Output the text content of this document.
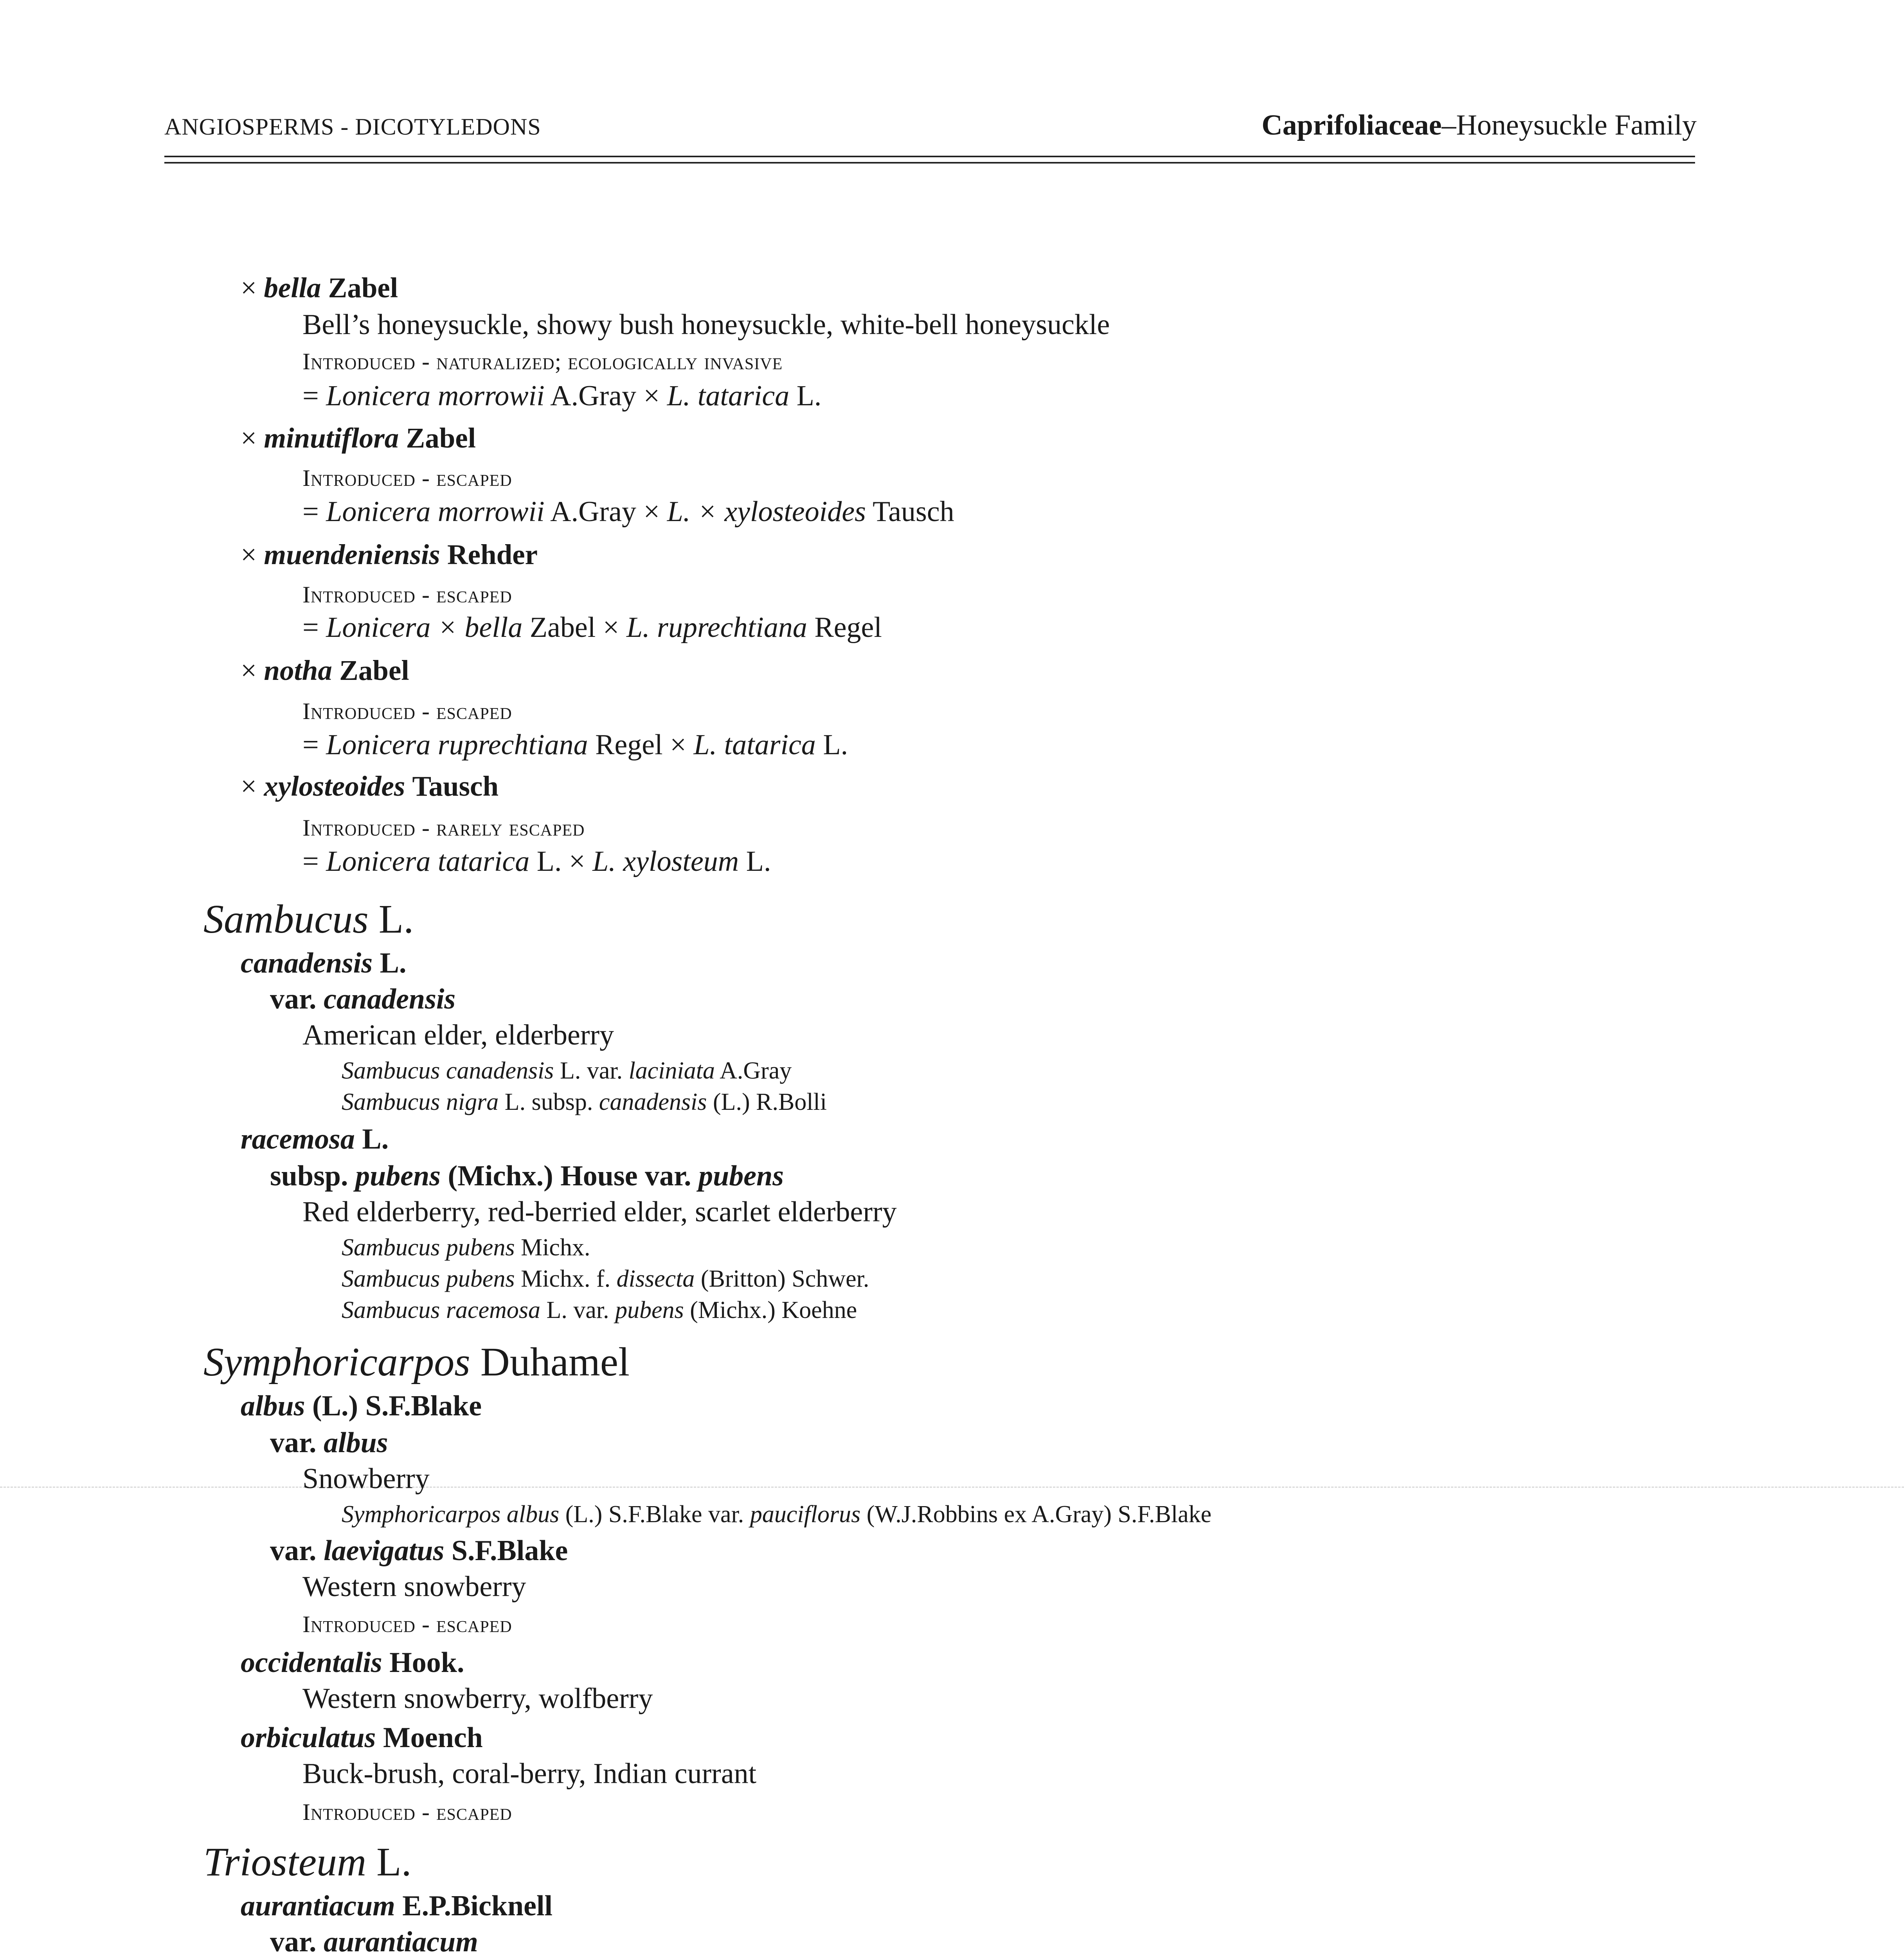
ANGIOSPERMS - DICOTYLEDONS	Caprifoliaceae–Honeysuckle Family
× bella Zabel
Bell’s honeysuckle, showy bush honeysuckle, white-bell honeysuckle
Introduced - naturalized; ecologically invasive
= Lonicera morrowii A.Gray × L. tatarica L.
× minutiflora Zabel
Introduced - escaped
= Lonicera morrowii A.Gray × L. × xylosteoides Tausch
× muendeniensis Rehder
Introduced - escaped
= Lonicera × bella Zabel × L. ruprechtiana Regel
× notha Zabel
Introduced - escaped
= Lonicera ruprechtiana Regel × L. tatarica L.
× xylosteoides Tausch
Introduced - rarely escaped
= Lonicera tatarica L. × L. xylosteum L.
Sambucus L.
canadensis L.
var. canadensis
American elder, elderberry
Sambucus canadensis L. var. laciniata A.Gray
Sambucus nigra L. subsp. canadensis (L.) R.Bolli
racemosa L.
subsp. pubens (Michx.) House var. pubens
Red elderberry, red-berried elder, scarlet elderberry
Sambucus pubens Michx.
Sambucus pubens Michx. f. dissecta (Britton) Schwer.
Sambucus racemosa L. var. pubens (Michx.) Koehne
Symphoricarpos Duhamel
albus (L.) S.F.Blake
var. albus
Snowberry
Symphoricarpos albus (L.) S.F.Blake var. pauciflorus (W.J.Robbins ex A.Gray) S.F.Blake
var. laevigatus S.F.Blake
Western snowberry
Introduced - escaped
occidentalis Hook.
Western snowberry, wolfberry
orbiculatus Moench
Buck-brush, coral-berry, Indian currant
Introduced - escaped
Triosteum L.
aurantiacum E.P.Bicknell
var. aurantiacum
